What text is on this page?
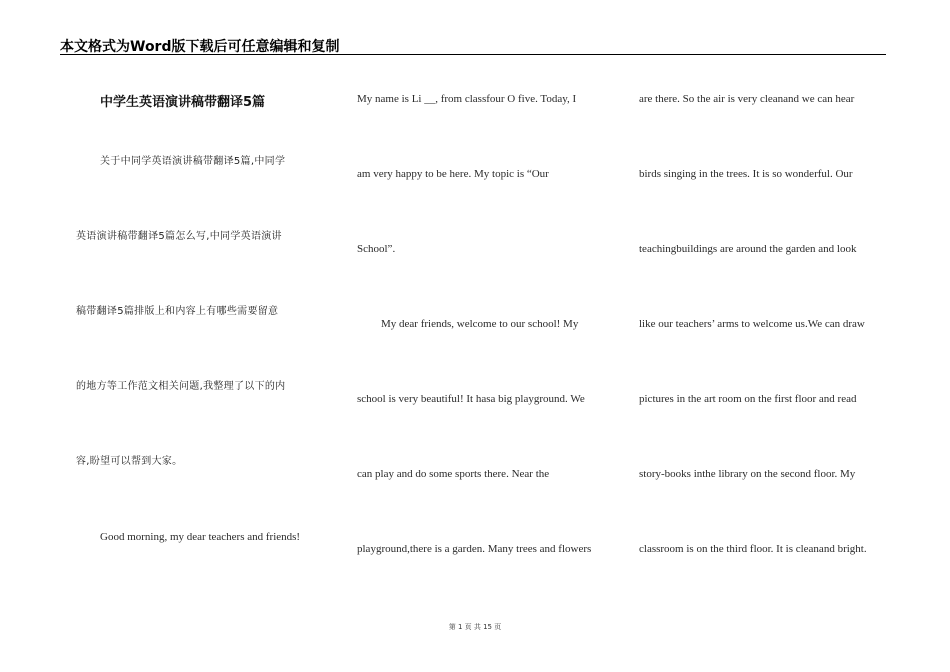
本文格式为Word版下载后可任意编辑和复制
中学生英语演讲稿带翻译5篇
关于中同学英语演讲稿带翻译5篇,中同学
英语演讲稿带翻译5篇怎么写,中同学英语演讲
稿带翻译5篇排版上和内容上有哪些需要留意
的地方等工作范文相关问题,我整理了以下的内
容,盼望可以帮到大家。
Good morning, my dear teachers and friends!
My name is Li __, from classfour O five. Today, I
am very happy to be here. My topic is “Our
School”.
My dear friends, welcome to our school! My
school is very beautiful! It hasa big playground. We
can play and do some sports there. Near the
playground,there is a garden. Many trees and flowers
are there. So the air is very cleanand we can hear
birds singing in the trees. It is so wonderful. Our
teachingbuildings are around the garden and look
like our teachers’ arms to welcome us.We can draw
pictures in the art room on the first floor and read
story-books inthe library on the second floor. My
classroom is on the third floor. It is cleanand bright.
第 1 页 共 15 页
